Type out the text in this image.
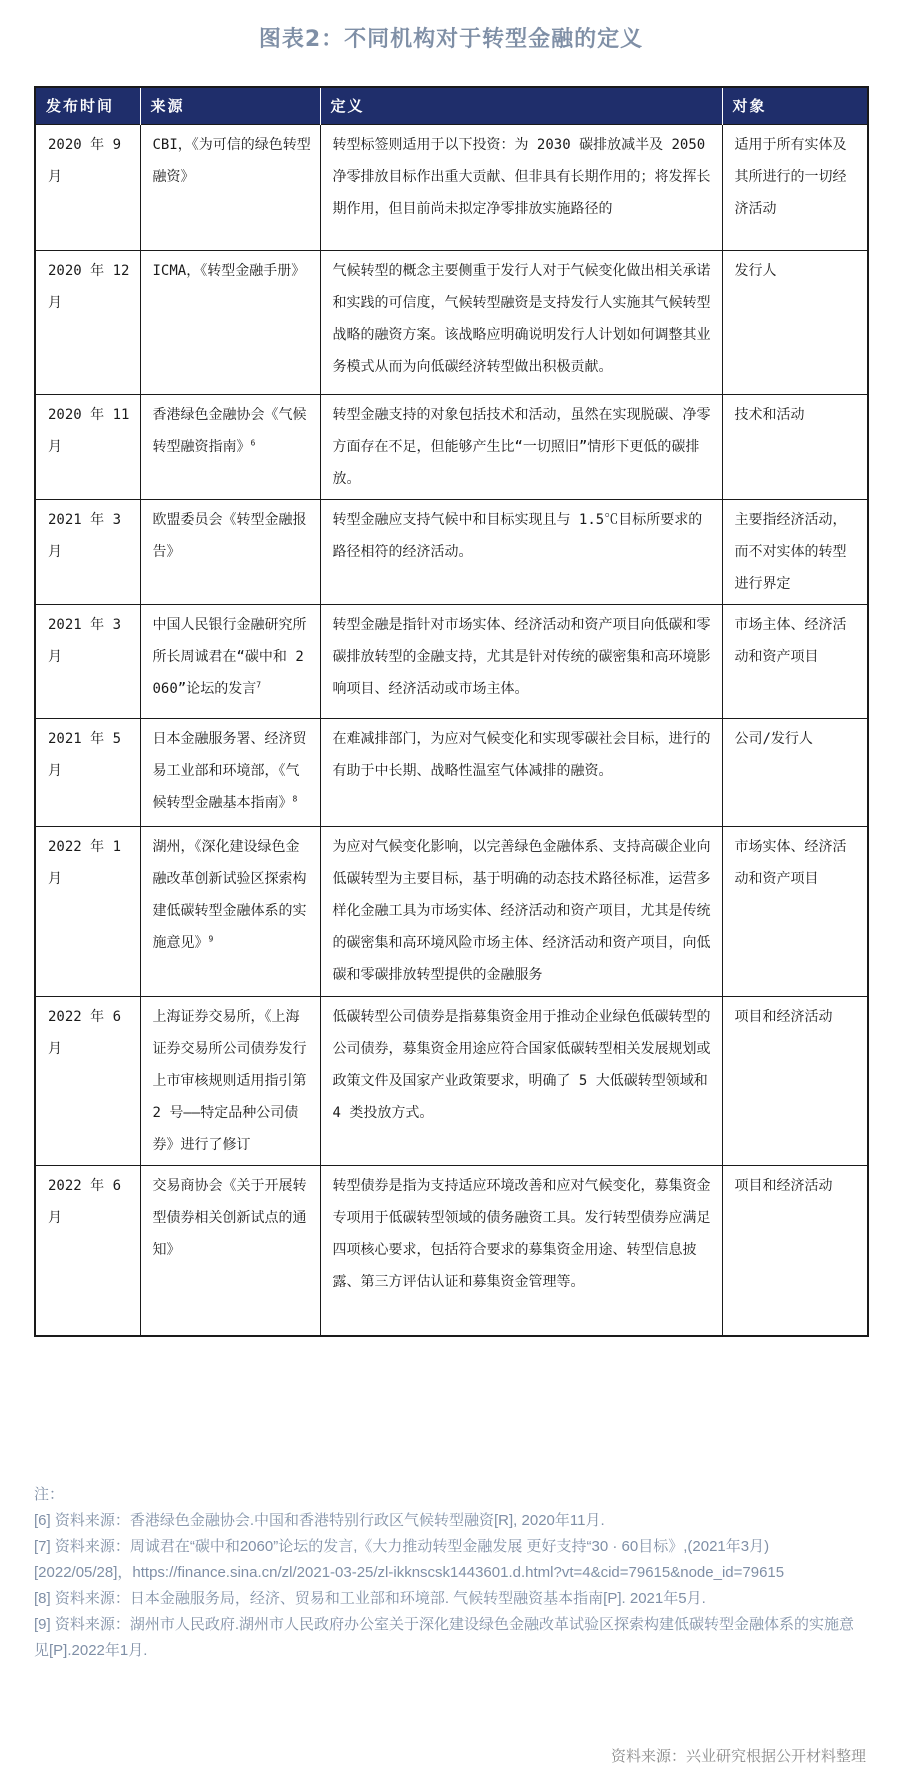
图表2：不同机构对于转型金融的定义
发布时间	来源	定义	对象
2020 年 9 月	CBI，《为可信的绿色转型融资》	转型标签则适用于以下投资：为 2030 碳排放减半及 2050 净零排放目标作出重大贡献、但非具有长期作用的；将发挥长期作用，但目前尚未拟定净零排放实施路径的	适用于所有实体及其所进行的一切经济活动
2020 年 12 月	ICMA，《转型金融手册》	气候转型的概念主要侧重于发行人对于气候变化做出相关承诺和实践的可信度，气候转型融资是支持发行人实施其气候转型战略的融资方案。该战略应明确说明发行人计划如何调整其业务模式从而为向低碳经济转型做出积极贡献。	发行人
2020 年 11 月	香港绿色金融协会《气候转型融资指南》$^6$	转型金融支持的对象包括技术和活动，虽然在实现脱碳、净零方面存在不足，但能够产生比“一切照旧”情形下更低的碳排放。	技术和活动
2021 年 3 月	欧盟委员会《转型金融报告》	转型金融应支持气候中和目标实现且与 1.5℃目标所要求的路径相符的经济活动。	主要指经济活动，而不对实体的转型进行界定
2021 年 3 月	中国人民银行金融研究所所长周诚君在“碳中和 2060”论坛的发言$^7$	转型金融是指针对市场实体、经济活动和资产项目向低碳和零碳排放转型的金融支持，尤其是针对传统的碳密集和高环境影响项目、经济活动或市场主体。	市场主体、经济活动和资产项目
2021 年 5 月	日本金融服务署、经济贸易工业部和环境部，《气候转型金融基本指南》$^8$	在难减排部门，为应对气候变化和实现零碳社会目标，进行的有助于中长期、战略性温室气体减排的融资。	公司/发行人
2022 年 1 月	湖州，《深化建设绿色金融改革创新试验区探索构建低碳转型金融体系的实施意见》$^9$	为应对气候变化影响，以完善绿色金融体系、支持高碳企业向低碳转型为主要目标，基于明确的动态技术路径标准，运营多样化金融工具为市场实体、经济活动和资产项目，尤其是传统的碳密集和高环境风险市场主体、经济活动和资产项目，向低碳和零碳排放转型提供的金融服务	市场实体、经济活动和资产项目
2022 年 6 月	上海证券交易所，《上海证券交易所公司债券发行上市审核规则适用指引第 2 号——特定品种公司债券》进行了修订	低碳转型公司债券是指募集资金用于推动企业绿色低碳转型的公司债券，募集资金用途应符合国家低碳转型相关发展规划或政策文件及国家产业政策要求，明确了 5 大低碳转型领域和 4 类投放方式。	项目和经济活动
2022 年 6 月	交易商协会《关于开展转型债券相关创新试点的通知》	转型债券是指为支持适应环境改善和应对气候变化，募集资金专项用于低碳转型领域的债务融资工具。发行转型债券应满足四项核心要求，包括符合要求的募集资金用途、转型信息披露、第三方评估认证和募集资金管理等。	项目和经济活动

注：

[6] 资料来源：香港绿色金融协会.中国和香港特别行政区气候转型融资[R], 2020年11月.

[7] 资料来源：周诚君在“碳中和2060”论坛的发言,《大力推动转型金融发展 更好支持“30 · 60目标》,(2021年3月)[2022/05/28]，https://finance.sina.cn/zl/2021-03-25/zl-ikknscsk1443601.d.html?vt=4&cid=79615&node_id=79615

[8] 资料来源：日本金融服务局，经济、贸易和工业部和环境部. 气候转型融资基本指南[P]. 2021年5月.

[9] 资料来源：湖州市人民政府.湖州市人民政府办公室关于深化建设绿色金融改革试验区探索构建低碳转型金融体系的实施意见[P].2022年1月.

资料来源：兴业研究根据公开材料整理
